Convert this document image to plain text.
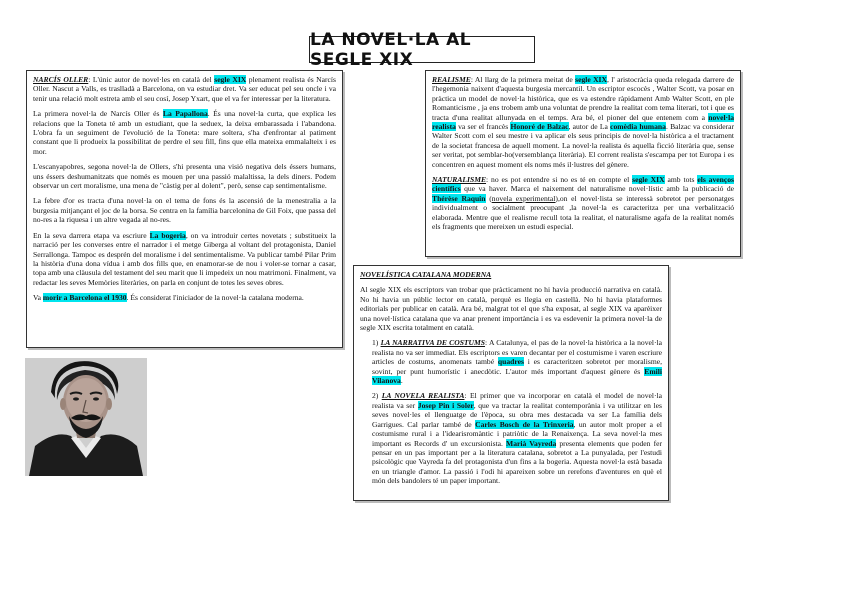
LA NOVEL·LA AL SEGLE XIX

NARCÍS OLLER: L'únic autor de novel·les en català del segle XIX plenament realista és Narcís Oller. Nascut a Valls, es traslladà a Barcelona, on va estudiar dret. Va ser educat pel seu oncle i va tenir una relació molt estreta amb el seu cosí, Josep Yxart, que el va fer interessar per la literatura.

La primera novel·la de Narcís Oller és La Papallona. És una novel·la curta, que explica les relacions que la Toneta té amb un estudiant, que la seduex, la deixa embarassada i l'abandona. L'obra fa un seguiment de l'evolució de la Toneta: mare soltera, s'ha d'enfrontar al patiment constant que li produeix la possibilitat de perdre el seu fill, fins que ella mateixa emmalalteix i es mor.

L'escanyapobres, segona novel·la de Ollers, s'hi presenta una visió negativa dels éssers humans, uns éssers deshumanitzats que només es mouen per una passió malaltissa, la dels diners. Podem observar un cert moralisme, una mena de "càstig per al dolent", però, sense cap sentimentalisme.

La febre d'or es tracta d'una novel·la on el tema de fons és la ascensió de la menestralia a la burgesia mitjançant el joc de la borsa. Se centra en la família barcelonina de Gil Foix, que passa del no-res a la riquesa i un altre vegada al no-res.

En la seva darrera etapa va escriure La bogeria, on va introduir certes novetats ; substitueix la narració per les converses entre el narrador i el metge Giberga al voltant del protagonista, Daniel Serrallonga. Tampoc es desprén del moralisme i del sentimentalisme. Va publicar també Pilar Prim la història d'una dona vídua i amb dos fills que, en enamorar-se de nou i voler-se tornar a casar, topa amb una clàusula del testament del seu marit que li impedeix un nou matrimoni. Finalment, va redactar les seves Memòries literàries, on parla en conjunt de totes les seves obres.

Va morir a Barcelona el 1930. És considerat l'iniciador de la novel·la catalana moderna.

REALISME: Al llarg de la primera meitat de segle XIX, l' aristocràcia queda relegada darrere de l'hegemonia naixent d'aquesta burgesia mercantil. Un escriptor escocès , Walter Scott, va posar en pràctica un model de novel·la històrica, que es va estendre ràpidament Amb Walter Scott, en ple Romanticisme , ja ens trobem amb una voluntat de prendre la realitat com tema literari, tot i que es tracta d'una realitat allunyada en el temps. Ara bé, el pioner del que entenem com a novel·la realista va ser el francès Honoré de Balzac, autor de La comèdia humana. Balzac va considerar Walter Scott com el seu mestre i va aplicar els seus principis de novel·la històrica a el tractament de la societat francesa de aquell moment. La novel·la realista és aquella ficció literària que, sense ser veritat, pot semblar-ho(versemblança literària). El corrent realista s'escampa per tot Europa i es concentren en aquest moment els noms més il·lustres del gènere.

NATURALISME: no es pot entendre si no es té en compte el segle XIX amb tots els avenços científics que va haver. Marca el naixement del naturalisme novel·lístic amb la publicació de Thérèse Raquin (novela experimental),on el novel·lista se interessà sobretot per personatges individualment o socialment preocupant ,la novel·la es caracteritza per una verbalització elaborada. Mentre que el realisme recull tota la realitat, el naturalisme agafa de la realitat només els fragments que mereixen un estudi especial.

NOVELÍSTICA CATALANA MODERNA

Al segle XIX els escriptors van trobar que pràcticament no hi havia producció narrativa en català. No hi havia un públic lector en català, perquè es llegia en castellà. No hi havia plataformes editorials per publicar en català. Ara bé, malgrat tot el que s'ha exposat, al segle XIX va aparèixer una novel·lística catalana que va anar prenent importància i es va esdevenir la primera novel·la de segle XIX escrita totalment en català.

1) LA NARRATIVA DE COSTUMS: A Catalunya, el pas de la novel·la històrica a la novel·la realista no va ser immediat. Els escriptors es varen decantar per el costumisme i varen escriure articles de costums, anomenats també quadres i es caracteritzen sobretot per moralisme, sovint, per punt humorístic i anecdòtic. L'autor més important d'aquest gènere és Emili Vilanova.

2) LA NOVELA REALISTA: El primer que va incorporar en català el model de novel·la realista va ser Josep Pin i Soler, que va tractar la realitat contemporània i va utilitzar en les seves novel·les el llenguatge de l'època, su obra mes destacada va ser La família dels Garrigues. Cal parlar també de Carles Bosch de la Trinxeria, un autor molt proper a el costumisme rural i a l'idearisromàntic i patriòtic de la Renaixença. La seva novel·la mes important es Records d' un excursionista. Marià Vayreda presenta elements que poden fer pensar en un pas important per a la literatura catalana, sobretot a La punyalada, per l'estudi psicològic que Vayreda fa del protagonista d'un fins a la bogeria. Aquesta novel·la està basada en un triangle d'amor. La passió i l'odi hi apareixen sobre un rerefons d'aventures en què el món dels bandolers té un paper important.
